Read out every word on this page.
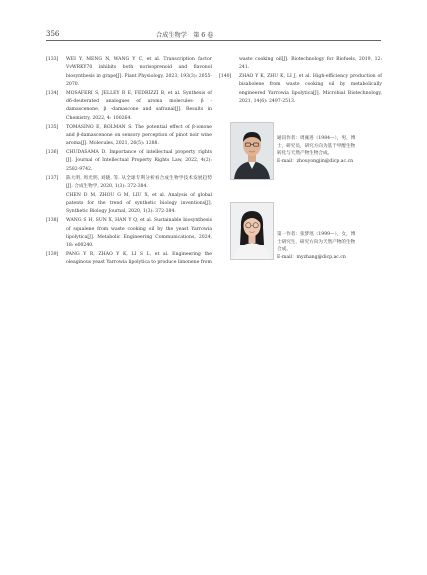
356	合成生物学　第 6 卷
[133] WEI Y, MENG N, WANG Y C, et al. Transcription factor VvWRKY70 inhibits both norisoprenoid and flavonol biosynthesis in grape[J]. Plant Physiology, 2023, 193(3): 2055-2070.
[134] MOSAFERI S, JELLEY R E, FEDRIZZI B, et al. Synthesis of d6-deuterated analogues of aroma molecules- β -damascenone, β -damascone and safranal[J]. Results in Chemistry, 2022, 4: 100264.
[135] TOMASINO E, BOLMAN S. The potential effect of β-ionone and β-damascenone on sensory perception of pinot noir wine aroma[J]. Molecules, 2021, 26(5): 1288.
[136] CHUDASAMA D. Importance of intellectual property rights [J]. Journal of Intellectual Property Rights Law, 2022, 4(2): 2582-9742.
[137] 陈大明, 周光明, 刘晓, 等. 从全球专利分析看合成生物学技术发展趋势[J]. 合成生物学, 2020, 1(3): 372-384.
CHEN D M, ZHOU G M, LIU X, et al. Analysis of global patents for the trend of synthetic biology inventions[J]. Synthetic Biology Journal, 2020, 1(3): 372-384.
[138] WANG S H, SUN X, HAN Y Q, et al. Sustainable biosynthesis of squalene from waste cooking oil by the yeast Yarrowia lipolytica[J]. Metabolic Engineering Communications, 2024, 18: e00240.
[139] PANG Y R, ZHAO Y K, LI S L, et al. Engineering the oleaginous yeast Yarrowia lipolytica to produce limonene from
waste cooking oil[J]. Biotechnology for Biofuels, 2019, 12: 241.
[140] ZHAO Y K, ZHU K, LI J, et al. High-efficiency production of bisabolene from waste cooking oil by metabolically engineered Yarrowia lipolytica[J]. Microbial Biotechnology, 2021, 14(6): 2497-2513.
通讯作者：周雍进（1984—），男，博
士，研究员，研究方向为基于甲醇生物
转化与天然产物生物合成。
E-mail：zhouyongjin@dicp.ac.cn
第一作者：张梦瑶（1999—），女，博
士研究生，研究方向为天然产物的生物
合成。
E-mail：myzhang@dicp.ac.cn
